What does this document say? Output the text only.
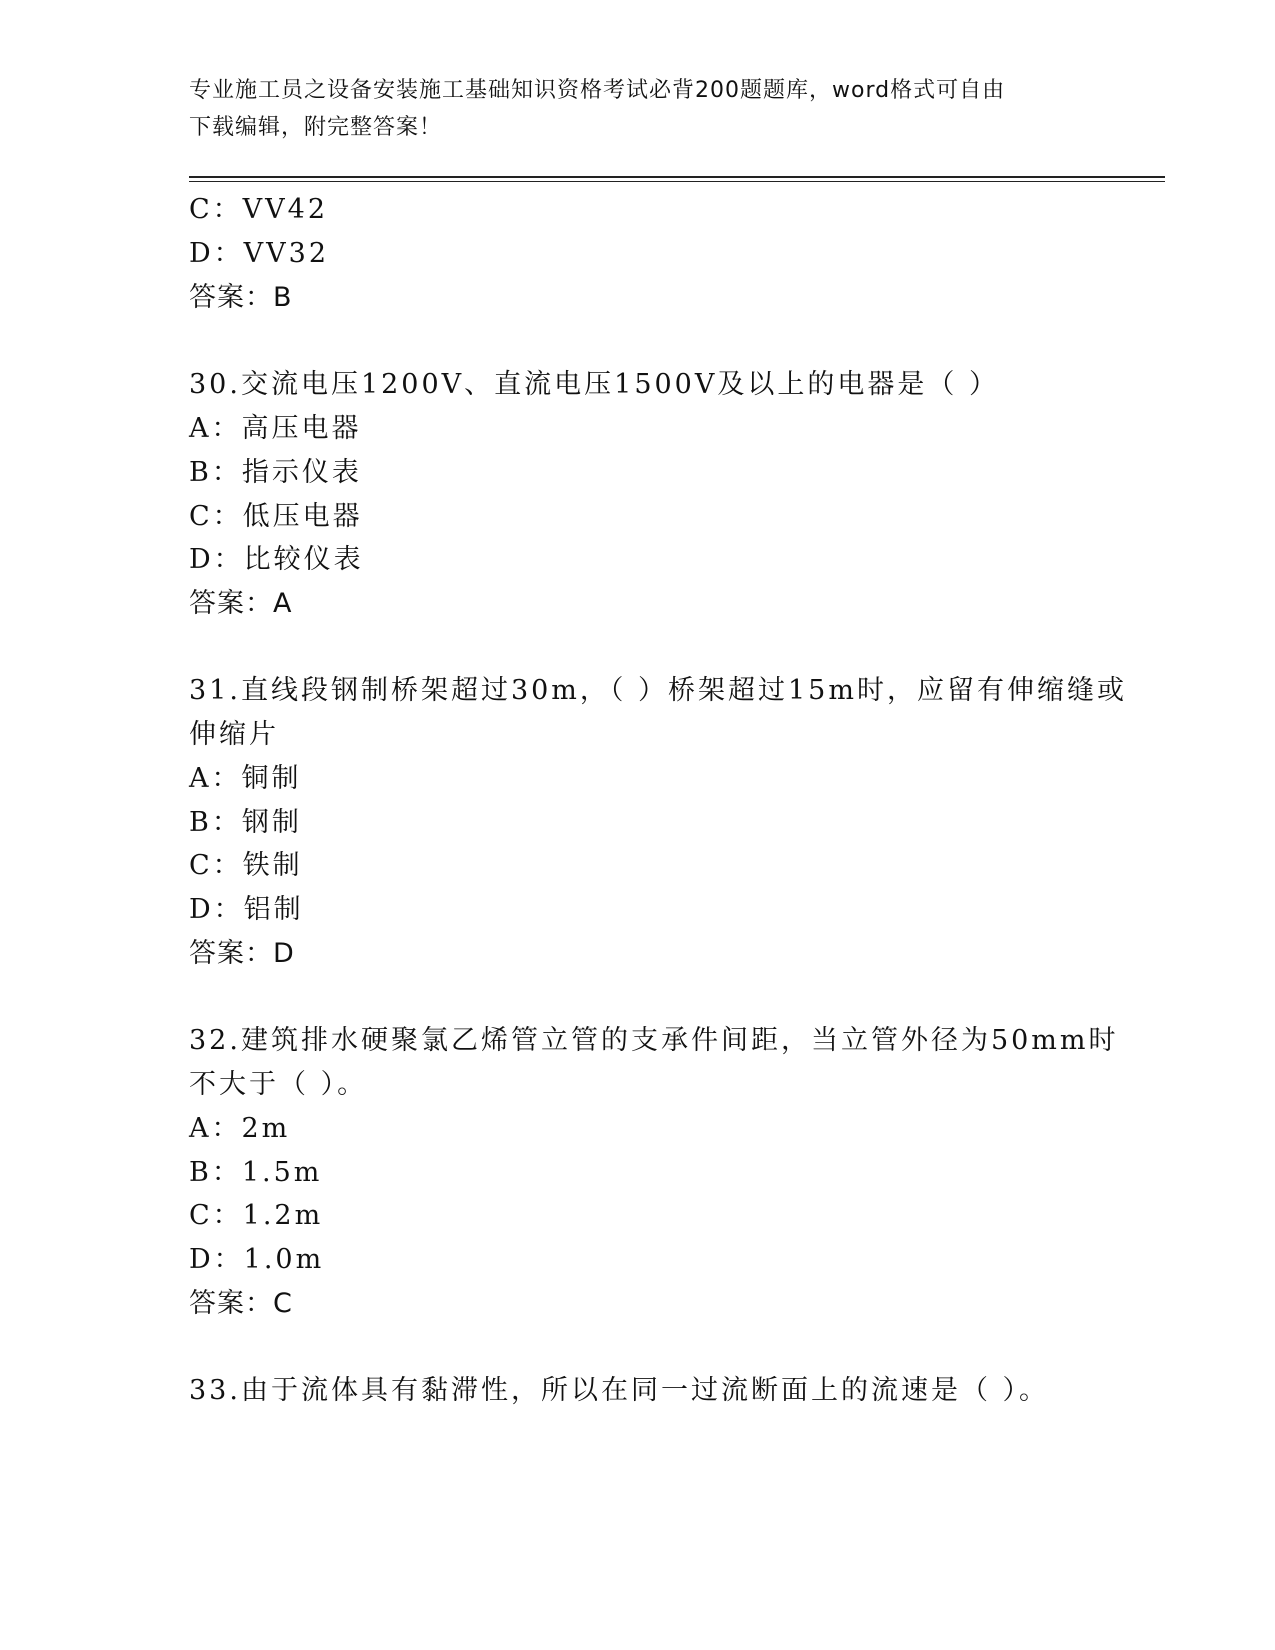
专业施工员之设备安装施工基础知识资格考试必背200题题库，word格式可自由
下载编辑，附完整答案！
C：VV42
D：VV32
答案：B
30.交流电压1200V、直流电压1500V及以上的电器是（ ）
A：高压电器
B：指示仪表
C：低压电器
D：比较仪表
答案：A
31.直线段钢制桥架超过30m，（ ）桥架超过15m时，应留有伸缩缝或
伸缩片
A：铜制
B：钢制
C：铁制
D：铝制
答案：D
32.建筑排水硬聚氯乙烯管立管的支承件间距，当立管外径为50mm时
不大于（ ）。
A：2m
B：1.5m
C：1.2m
D：1.0m
答案：C
33.由于流体具有黏滞性，所以在同一过流断面上的流速是（ ）。
